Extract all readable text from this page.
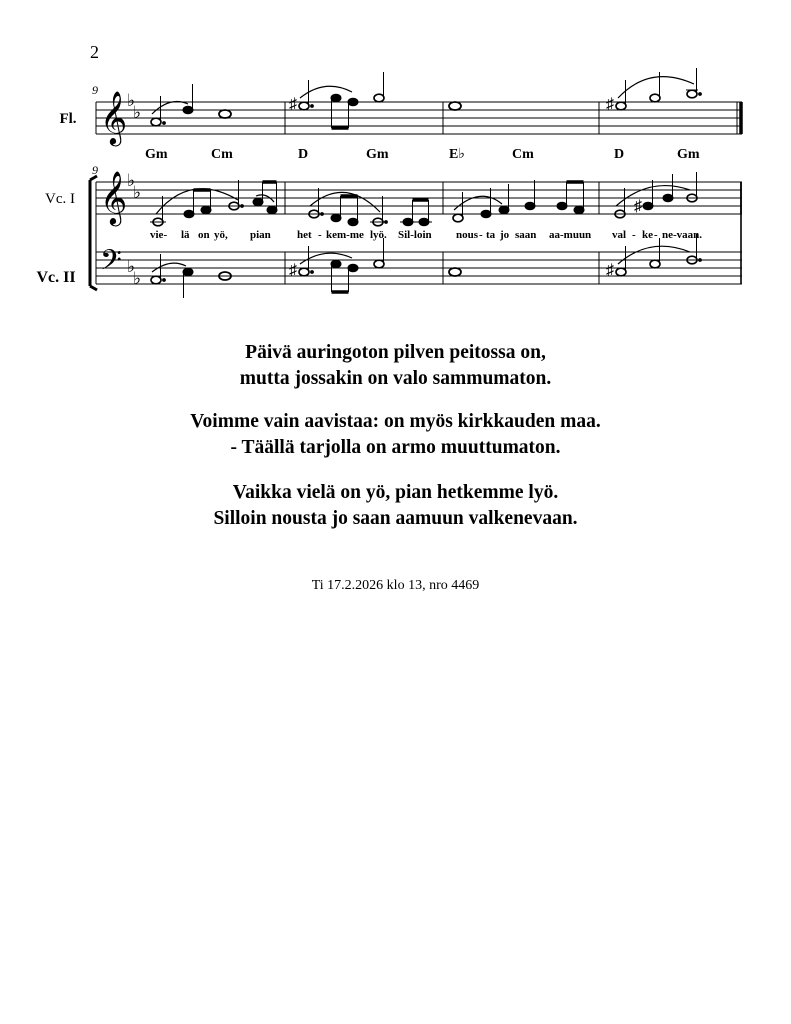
2
9
9
Fl.
Vc. I
Vc. II
𝄞 ♭
♭	♯	♯
Gm	Cm	D	Gm	E♭	Cm	D	Gm
𝄞 ♭
♭
♯
vie- lä on yö, pian het - kem-me lyö. Sil-loin nous - ta jo saan aa-muun val - ke - ne-vaan.
𝄢 ♭
♭	♯	♯
Päivä auringoton pilven peitossa on,
mutta jossakin on valo sammumaton.
Voimme vain aavistaa: on myös kirkkauden maa.
- Täällä tarjolla on armo muuttumaton.
Vaikka vielä on yö, pian hetkemme lyö.
Silloin nousta jo saan aamuun valkenevaan.
Ti 17.2.2026 klo 13, nro 4469
